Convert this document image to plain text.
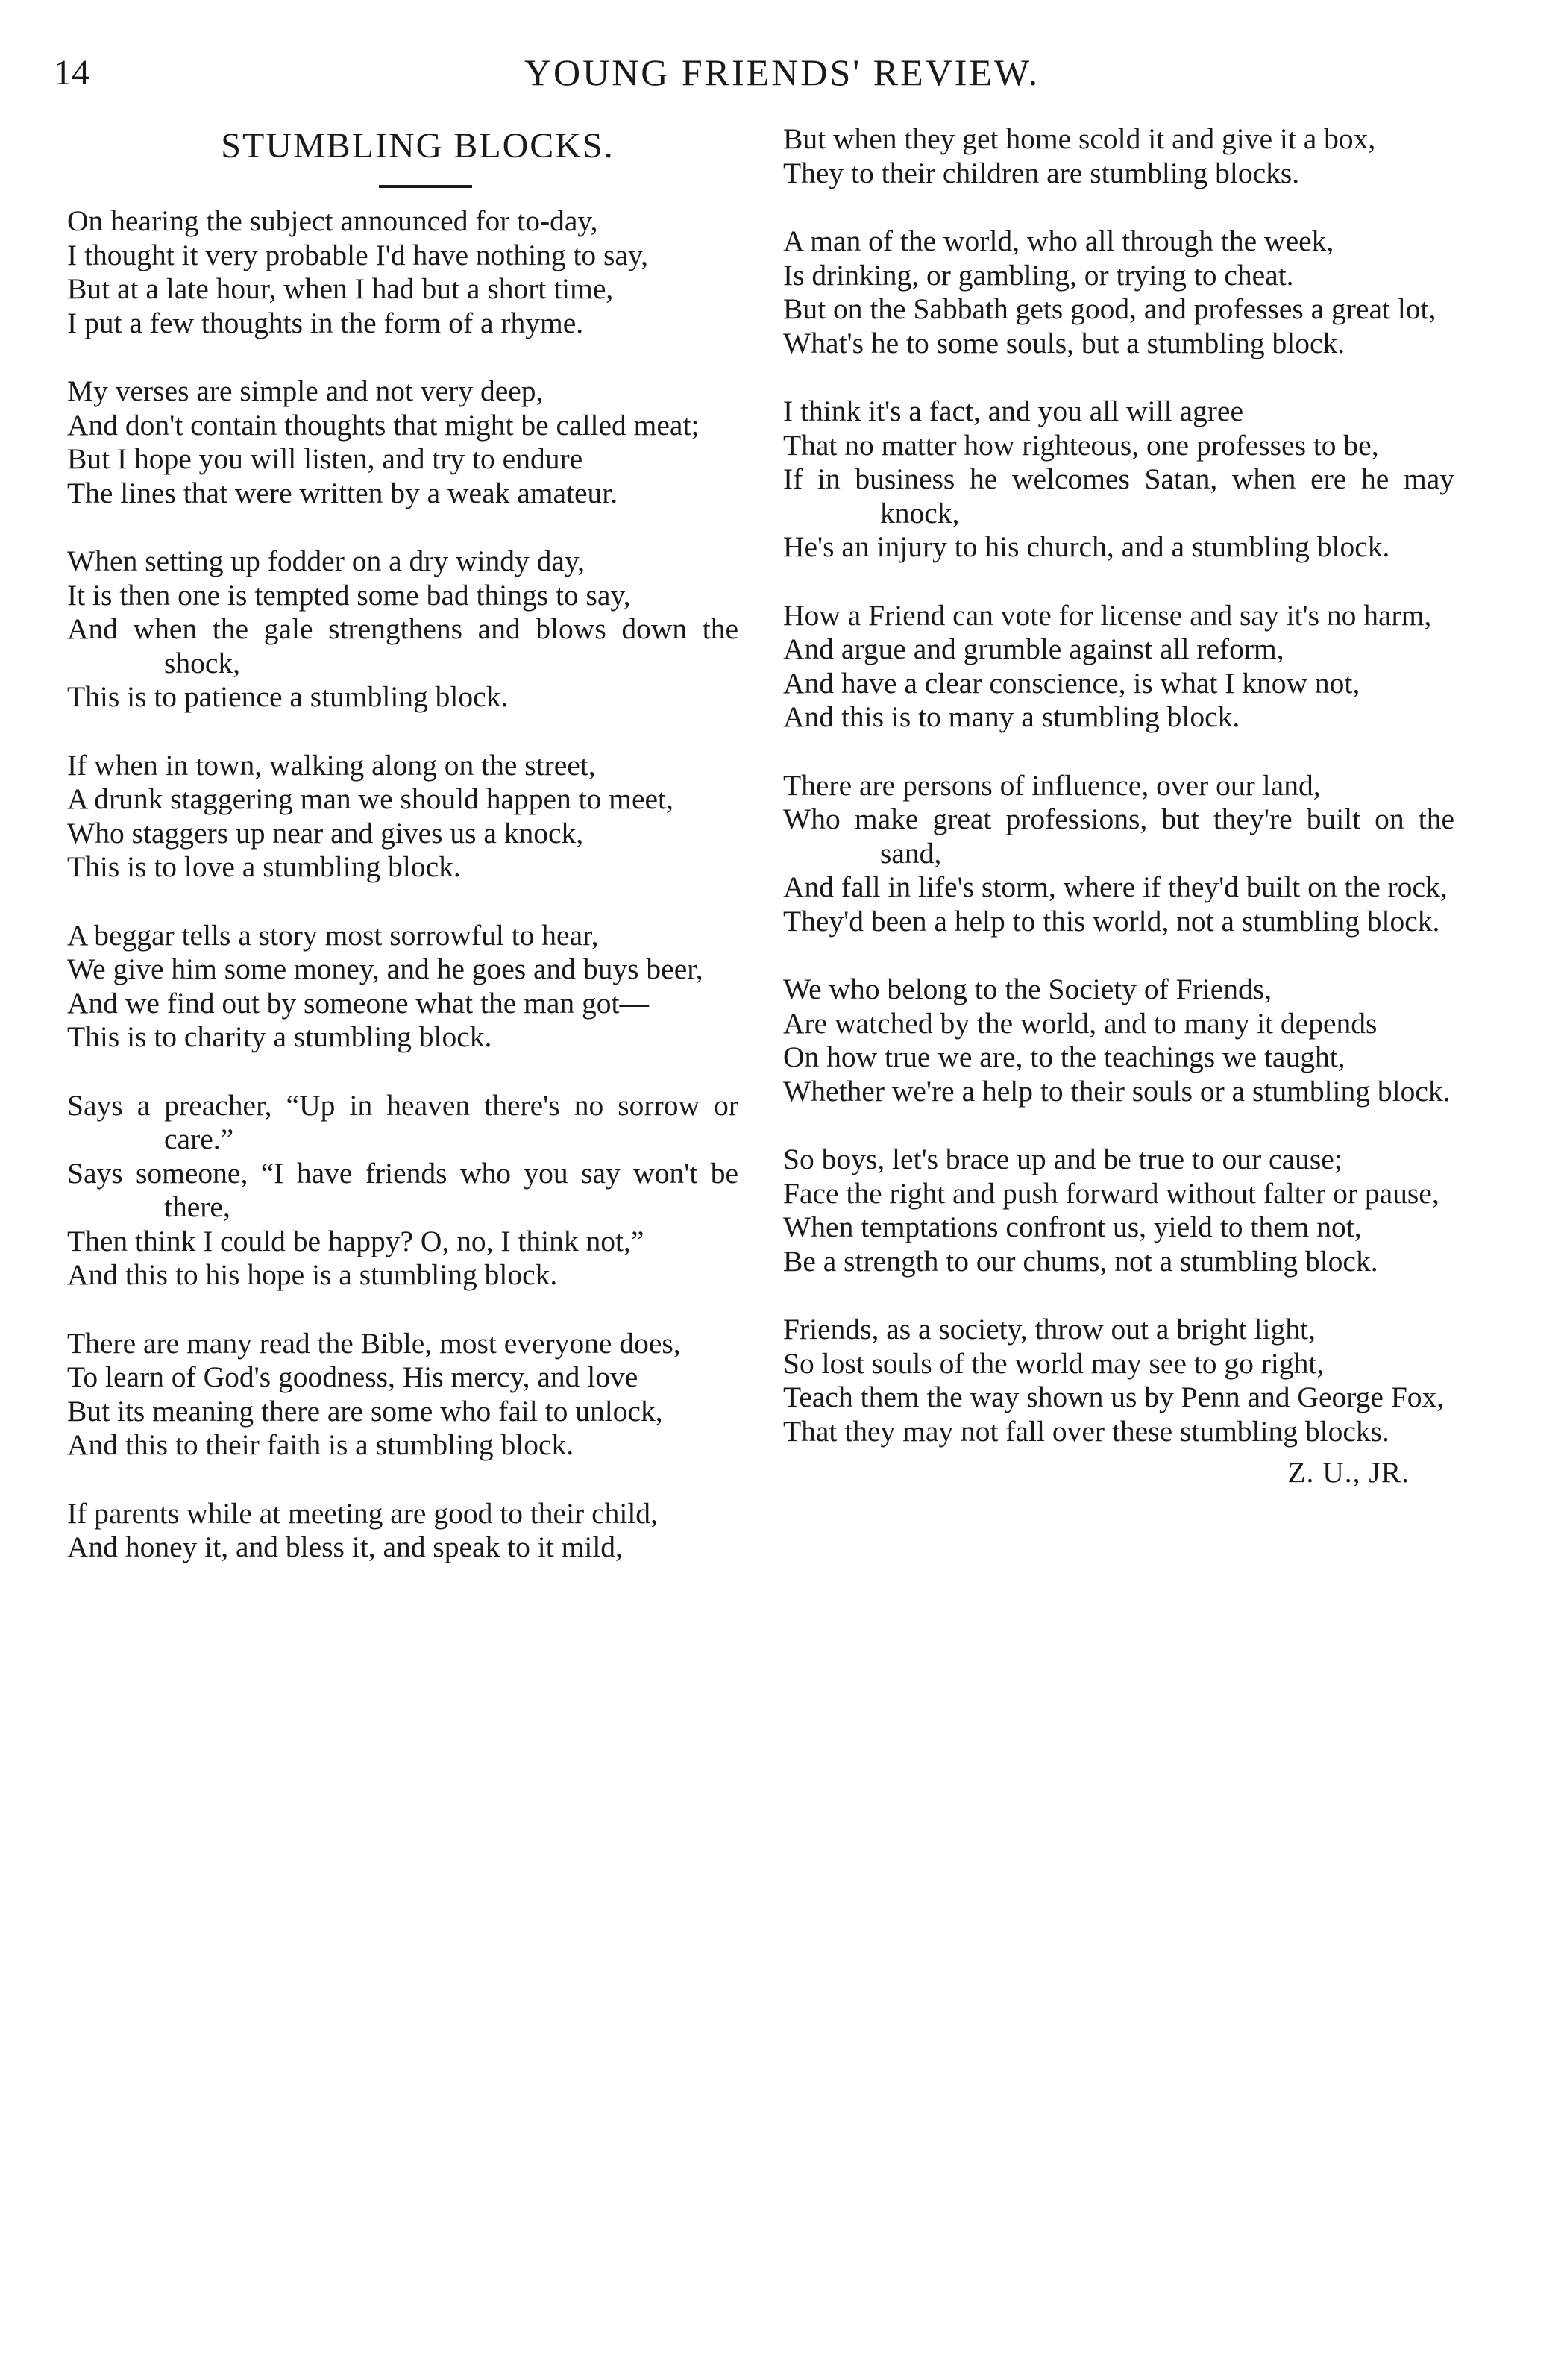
14	YOUNG FRIENDS' REVIEW.
STUMBLING BLOCKS.
On hearing the subject announced for to-day,
I thought it very probable I'd have nothing to say,
But at a late hour, when I had but a short time,
I put a few thoughts in the form of a rhyme.
My verses are simple and not very deep,
And don't contain thoughts that might be called meat;
But I hope you will listen, and try to endure
The lines that were written by a weak amateur.
When setting up fodder on a dry windy day,
It is then one is tempted some bad things to say,
And when the gale strengthens and blows down the shock,
This is to patience a stumbling block.
If when in town, walking along on the street,
A drunk staggering man we should happen to meet,
Who staggers up near and gives us a knock,
This is to love a stumbling block.
A beggar tells a story most sorrowful to hear,
We give him some money, and he goes and buys beer,
And we find out by someone what the man got—
This is to charity a stumbling block.
Says a preacher, “Up in heaven there's no sorrow or care.”
Says someone, “I have friends who you say won't be there,
Then think I could be happy? O, no, I think not,”
And this to his hope is a stumbling block.
There are many read the Bible, most everyone does,
To learn of God's goodness, His mercy, and love
But its meaning there are some who fail to unlock,
And this to their faith is a stumbling block.
If parents while at meeting are good to their child,
And honey it, and bless it, and speak to it mild,
But when they get home scold it and give it a box,
They to their children are stumbling blocks.
A man of the world, who all through the week,
Is drinking, or gambling, or trying to cheat.
But on the Sabbath gets good, and professes a great lot,
What's he to some souls, but a stumbling block.
I think it's a fact, and you all will agree
That no matter how righteous, one professes to be,
If in business he welcomes Satan, when ere he may knock,
He's an injury to his church, and a stumbling block.
How a Friend can vote for license and say it's no harm,
And argue and grumble against all reform,
And have a clear conscience, is what I know not,
And this is to many a stumbling block.
There are persons of influence, over our land,
Who make great professions, but they're built on the sand,
And fall in life's storm, where if they'd built on the rock,
They'd been a help to this world, not a stumbling block.
We who belong to the Society of Friends,
Are watched by the world, and to many it depends
On how true we are, to the teachings we taught,
Whether we're a help to their souls or a stumbling block.
So boys, let's brace up and be true to our cause;
Face the right and push forward without falter or pause,
When temptations confront us, yield to them not,
Be a strength to our chums, not a stumbling block.
Friends, as a society, throw out a bright light,
So lost souls of the world may see to go right,
Teach them the way shown us by Penn and George Fox,
That they may not fall over these stumbling blocks.
Z. U., JR.
